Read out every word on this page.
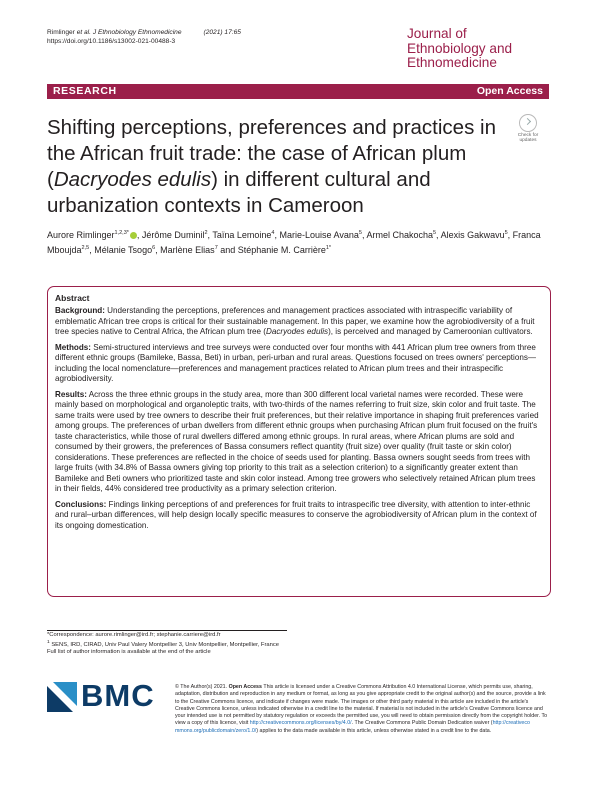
Rimlinger et al. J Ethnobiology Ethnomedicine	(2021) 17:65
https://doi.org/10.1186/s13002-021-00488-3
Journal of Ethnobiology and Ethnomedicine
RESEARCH	Open Access
Check for
updates
Shifting perceptions, preferences and practices in the African fruit trade: the case of African plum (Dacryodes edulis) in different cultural and urbanization contexts in Cameroon
Aurore Rimlinger$^{1,2,3*}$ , Jérôme Duminil$^2$, Taïna Lemoine$^4$, Marie-Louise Avana$^5$, Armel Chakocha$^5$, Alexis Gakwavu$^5$, Franca Mboujda$^{2,5}$, Mélanie Tsogo$^6$, Marlène Elias$^7$ and Stéphanie M. Carrière$^{1*}$
Abstract

Background: Understanding the perceptions, preferences and management practices associated with intraspecific variability of emblematic African tree crops is critical for their sustainable management. In this paper, we examine how the agrobiodiversity of a fruit tree species native to Central Africa, the African plum tree (Dacryodes edulis), is perceived and managed by Cameroonian cultivators.

Methods: Semi-structured interviews and tree surveys were conducted over four months with 441 African plum tree owners from three different ethnic groups (Bamileke, Bassa, Beti) in urban, peri-urban and rural areas. Questions focused on trees owners' perceptions—including the local nomenclature—preferences and management practices related to African plum trees and their intraspecific agrobiodiversity.

Results: Across the three ethnic groups in the study area, more than 300 different local varietal names were recorded. These were mainly based on morphological and organoleptic traits, with two-thirds of the names referring to fruit size, skin color and fruit taste. The same traits were used by tree owners to describe their fruit preferences, but their relative importance in shaping fruit preferences varied among groups. The preferences of urban dwellers from different ethnic groups when purchasing African plum fruit focused on the fruit's taste characteristics, while those of rural dwellers differed among ethnic groups. In rural areas, where African plums are sold and consumed by their growers, the preferences of Bassa consumers reflect quantity (fruit size) over quality (fruit taste or skin color) considerations. These preferences are reflected in the choice of seeds used for planting. Bassa owners sought seeds from trees with large fruits (with 34.8% of Bassa owners giving top priority to this trait as a selection criterion) to a significantly greater extent than Bamileke and Beti owners who prioritized taste and skin color instead. Among tree growers who selectively retained African plum trees in their fields, 44% considered tree productivity as a primary selection criterion.

Conclusions: Findings linking perceptions of and preferences for fruit traits to intraspecific tree diversity, with attention to inter-ethnic and rural–urban differences, will help design locally specific measures to conserve the agrobiodiversity of African plum in the context of its ongoing domestication.

*Correspondence: aurore.rimlinger@ird.fr; stephanie.carriere@ird.fr
$^1$ SENS, IRD, CIRAD, Univ Paul Valery Montpellier 3, Univ Montpellier, Montpellier, France
Full list of author information is available at the end of the article
BMC	© The Author(s) 2021. Open Access This article is licensed under a Creative Commons Attribution 4.0 International License, which permits use, sharing, adaptation, distribution and reproduction in any medium or format, as long as you give appropriate credit to the original author(s) and the source, provide a link to the Creative Commons licence, and indicate if changes were made. The images or other third party material in this article are included in the article's Creative Commons licence, unless indicated otherwise in a credit line to the material. If material is not included in the article's Creative Commons licence and your intended use is not permitted by statutory regulation or exceeds the permitted use, you will need to obtain permission directly from the copyright holder. To view a copy of this licence, visit http://creativecommons.org/licenses/by/4.0/. The Creative Commons Public Domain Dedication waiver (http://creativeco mmons.org/publicdomain/zero/1.0/) applies to the data made available in this article, unless otherwise stated in a credit line to the data.
